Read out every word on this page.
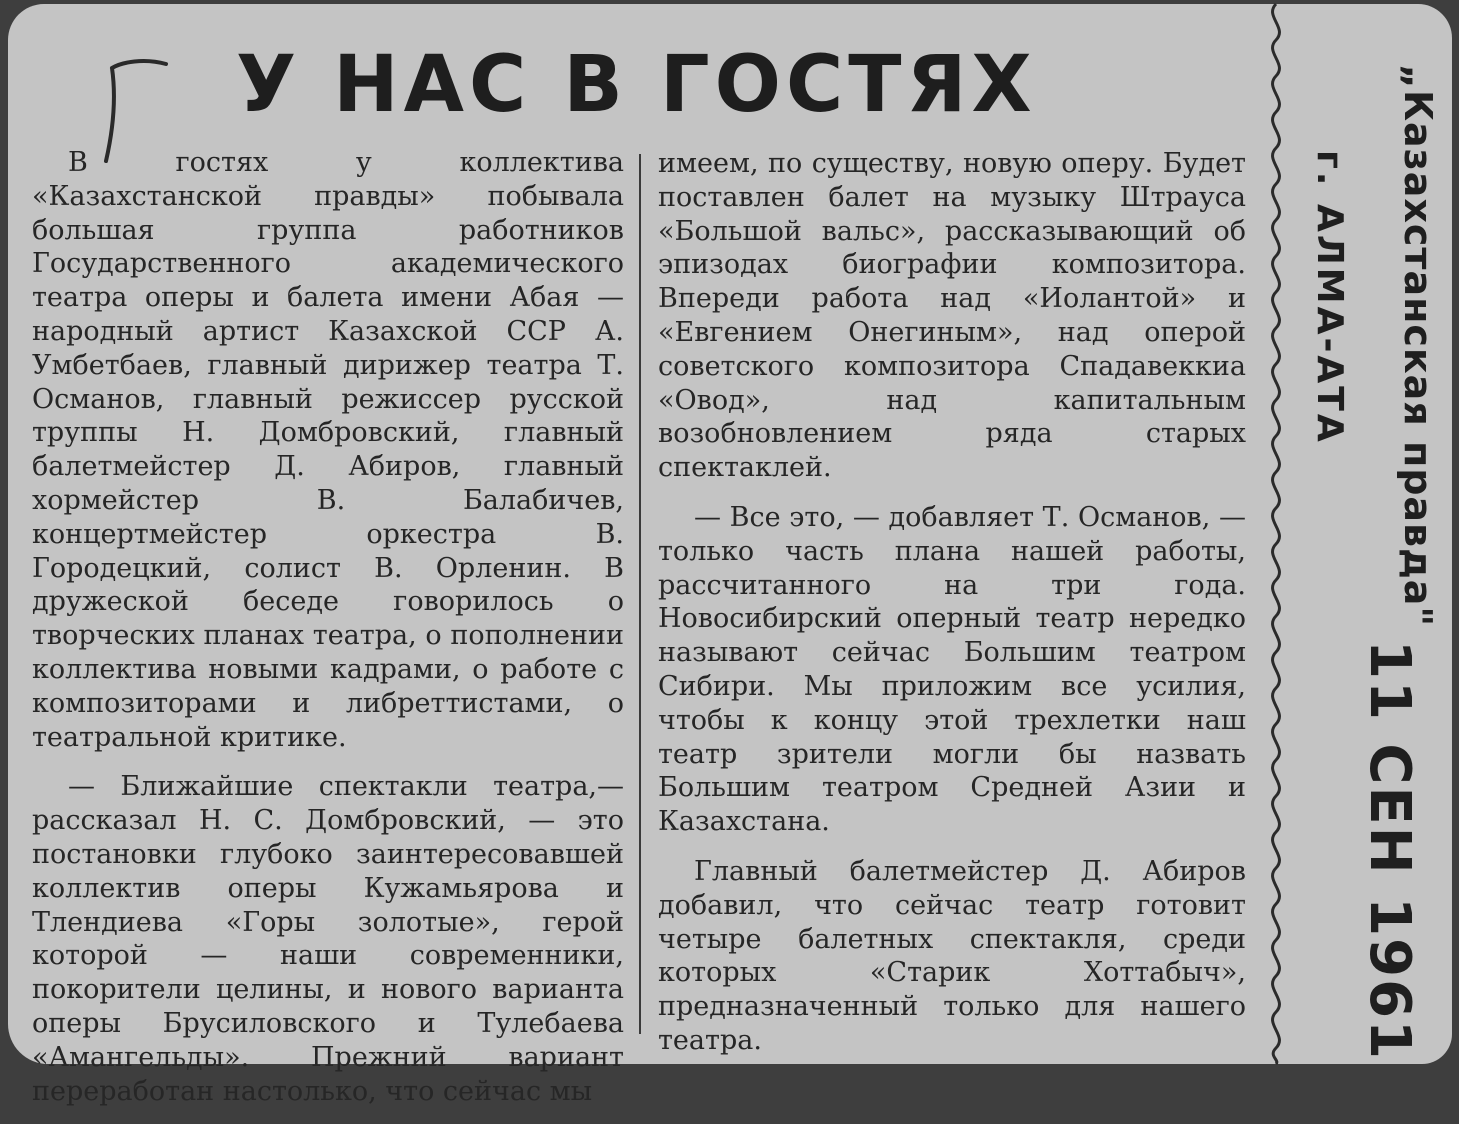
У НАС В ГОСТЯХ

В гостях у коллектива «Казахстанской правды» побывала большая группа работников Государственного академического театра оперы и балета имени Абая — народный артист Казахской ССР А. Умбетбаев, главный дирижер театра Т. Османов, главный режиссер русской труппы Н. Домбровский, главный балетмейстер Д. Абиров, главный хормейстер В. Балабичев, концертмейстер оркестра В. Городецкий, солист В. Орленин. В дружеской беседе говорилось о творческих планах театра, о пополнении коллектива новыми кадрами, о работе с композиторами и либреттистами, о театральной критике.

— Ближайшие спектакли театра,— рассказал Н. С. Домбровский, — это постановки глубоко заинтересовавшей коллектив оперы Кужамьярова и Тлендиева «Горы золотые», герой которой — наши современники, покорители целины, и нового варианта оперы Брусиловского и Тулебаева «Амангельды». Прежний вариант переработан настолько, что сейчас мы

имеем, по существу, новую оперу. Будет поставлен балет на музыку Штрауса «Большой вальс», рассказывающий об эпизодах биографии композитора. Впереди работа над «Иолантой» и «Евгением Онегиным», над оперой советского композитора Спадавеккиа «Овод», над капитальным возобновлением ряда старых спектаклей.

— Все это, — добавляет Т. Османов, — только часть плана нашей работы, рассчитанного на три года. Новосибирский оперный театр нередко называют сейчас Большим театром Сибири. Мы приложим все усилия, чтобы к концу этой трехлетки наш театр зрители могли бы назвать Большим театром Средней Азии и Казахстана.

Главный балетмейстер Д. Абиров добавил, что сейчас театр готовит четыре балетных спектакля, среди которых «Старик Хоттабыч», предназначенный только для нашего театра.

„Казахстанская правда"
г. АЛМА-АТА
11 СЕН 1961
